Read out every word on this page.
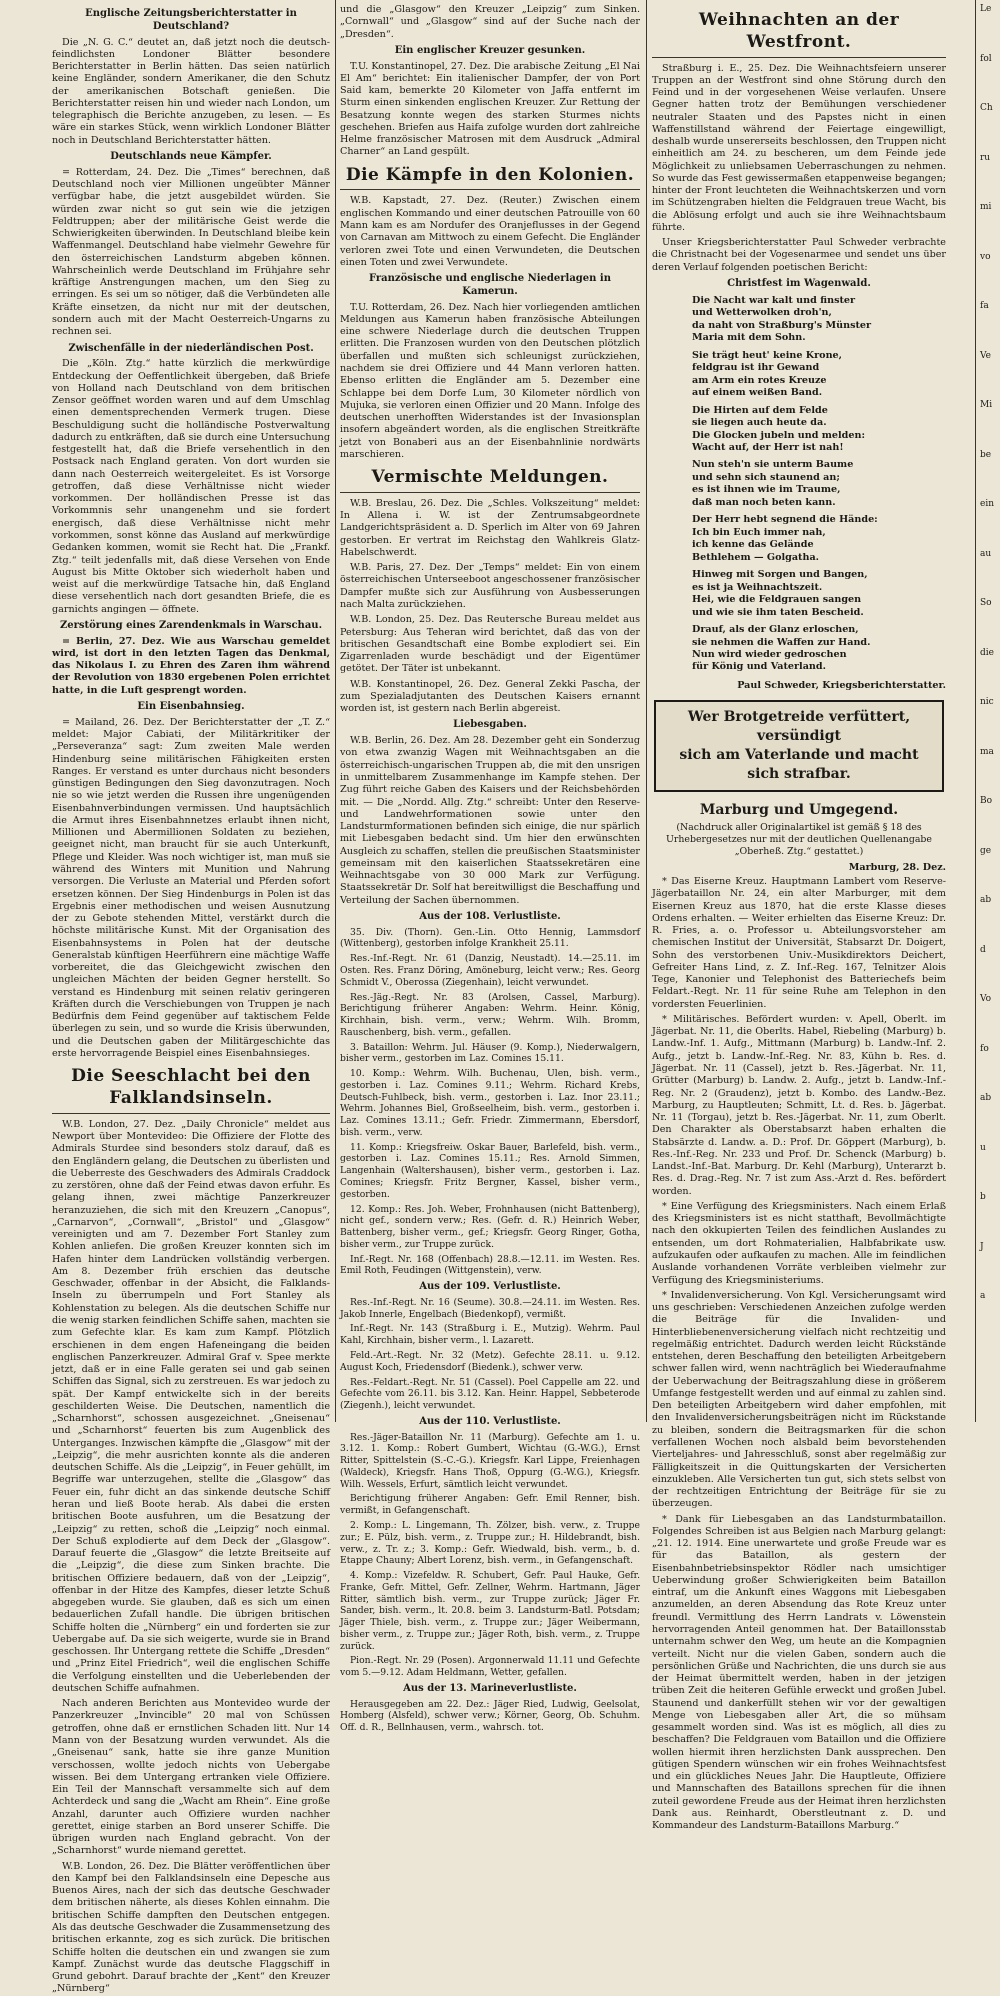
Englische Zeitungsberichterstatter in Deutschland?

Die „N. G. C.“ deutet an, daß jetzt noch die deutsch-feindlichsten Londoner Blätter besondere Berichterstatter in Berlin hätten. Das seien natürlich keine Engländer, sondern Amerikaner, die den Schutz der amerikanischen Botschaft genießen. Die Berichterstatter reisen hin und wieder nach London, um telegraphisch die Berichte anzugeben, zu lesen. — Es wäre ein starkes Stück, wenn wirklich Londoner Blätter noch in Deutschland Berichterstatter hätten.

Deutschlands neue Kämpfer.

= Rotterdam, 24. Dez. Die „Times“ berechnen, daß Deutschland noch vier Millionen ungeübter Männer verfügbar habe, die jetzt ausgebildet würden. Sie würden zwar nicht so gut sein wie die jetzigen Feldtruppen; aber der militärische Geist werde die Schwierigkeiten überwinden. In Deutschland bleibe kein Waffenmangel. Deutschland habe vielmehr Gewehre für den österreichischen Landsturm abgeben können. Wahrscheinlich werde Deutschland im Frühjahre sehr kräftige Anstrengungen machen, um den Sieg zu erringen. Es sei um so nötiger, daß die Verbündeten alle Kräfte einsetzen, da nicht nur mit der deutschen, sondern auch mit der Macht Oesterreich-Ungarns zu rechnen sei.

Zwischenfälle in der niederländischen Post.

Die „Köln. Ztg.“ hatte kürzlich die merkwürdige Entdeckung der Oeffentlichkeit übergeben, daß Briefe von Holland nach Deutschland von dem britischen Zensor geöffnet worden waren und auf dem Umschlag einen dementsprechenden Vermerk trugen. Diese Beschuldigung sucht die holländische Postverwaltung dadurch zu entkräften, daß sie durch eine Untersuchung festgestellt hat, daß die Briefe versehentlich in den Postsack nach England geraten. Von dort wurden sie dann nach Oesterreich weitergeleitet. Es ist Vorsorge getroffen, daß diese Verhältnisse nicht wieder vorkommen. Der holländischen Presse ist das Vorkommnis sehr unangenehm und sie fordert energisch, daß diese Verhältnisse nicht mehr vorkommen, sonst könne das Ausland auf merkwürdige Gedanken kommen, womit sie Recht hat. Die „Frankf. Ztg.“ teilt jedenfalls mit, daß diese Versehen von Ende August bis Mitte Oktober sich wiederholt haben und weist auf die merkwürdige Tatsache hin, daß England diese versehentlich nach dort gesandten Briefe, die es garnichts angingen — öffnete.

Zerstörung eines Zarendenkmals in Warschau.

= Berlin, 27. Dez. Wie aus Warschau gemeldet wird, ist dort in den letzten Tagen das Denkmal, das Nikolaus I. zu Ehren des Zaren ihm während der Revolution von 1830 ergebenen Polen errichtet hatte, in die Luft gesprengt worden.

Ein Eisenbahnsieg.

= Mailand, 26. Dez. Der Berichterstatter der „T. Z.“ meldet: Major Cabiati, der Militärkritiker der „Perseveranza“ sagt: Zum zweiten Male werden Hindenburg seine militärischen Fähigkeiten ersten Ranges. Er verstand es unter durchaus nicht besonders günstigen Bedingungen den Sieg davonzutragen. Noch nie so wie jetzt werden die Russen ihre ungenügenden Eisenbahnverbindungen vermissen. Und hauptsächlich die Armut ihres Eisenbahnnetzes erlaubt ihnen nicht, Millionen und Abermillionen Soldaten zu beziehen, geeignet nicht, man braucht für sie auch Unterkunft, Pflege und Kleider. Was noch wichtiger ist, man muß sie während des Winters mit Munition und Nahrung versorgen. Die Verluste an Material und Pferden sofort ersetzen können. Der Sieg Hindenburgs in Polen ist das Ergebnis einer methodischen und weisen Ausnutzung der zu Gebote stehenden Mittel, verstärkt durch die höchste militärische Kunst. Mit der Organisation des Eisenbahnsystems in Polen hat der deutsche Generalstab künftigen Heerführern eine mächtige Waffe vorbereitet, die das Gleichgewicht zwischen den ungleichen Mächten der beiden Gegner herstellt. So verstand es Hindenburg mit seinen relativ geringeren Kräften durch die Verschiebungen von Truppen je nach Bedürfnis dem Feind gegenüber auf taktischem Felde überlegen zu sein, und so wurde die Krisis überwunden, und die Deutschen gaben der Militärgeschichte das erste hervorragende Beispiel eines Eisenbahnsieges.

Die Seeschlacht bei den Falklandsinseln.

W.B. London, 27. Dez. „Daily Chronicle“ meldet aus Newport über Montevideo: Die Offiziere der Flotte des Admirals Sturdee sind besonders stolz darauf, daß es den Engländern gelang, die Deutschen zu überlisten und die Ueberreste des Geschwaders des Admirals Craddock zu zerstören, ohne daß der Feind etwas davon erfuhr. Es gelang ihnen, zwei mächtige Panzerkreuzer heranzuziehen, die sich mit den Kreuzern „Canopus“, „Carnarvon“, „Cornwall“, „Bristol“ und „Glasgow“ vereinigten und am 7. Dezember Fort Stanley zum Kohlen anliefen. Die großen Kreuzer konnten sich im Hafen hinter dem Landrücken vollständig verbergen. Am 8. Dezember früh erschien das deutsche Geschwader, offenbar in der Absicht, die Falklands-Inseln zu überrumpeln und Fort Stanley als Kohlenstation zu belegen. Als die deutschen Schiffe nur die wenig starken feindlichen Schiffe sahen, machten sie zum Gefechte klar. Es kam zum Kampf. Plötzlich erschienen in dem engen Hafeneingang die beiden englischen Panzerkreuzer. Admiral Graf v. Spee merkte jetzt, daß er in eine Falle geraten sei und gab seinen Schiffen das Signal, sich zu zerstreuen. Es war jedoch zu spät. Der Kampf entwickelte sich in der bereits geschilderten Weise. Die Deutschen, namentlich die „Scharnhorst“, schossen ausgezeichnet. „Gneisenau“ und „Scharnhorst“ feuerten bis zum Augenblick des Unterganges. Inzwischen kämpfte die „Glasgow“ mit der „Leipzig“, die mehr ausrichten konnte als die anderen deutschen Schiffe. Als die „Leipzig“, in Feuer gehüllt, im Begriffe war unterzugehen, stellte die „Glasgow“ das Feuer ein, fuhr dicht an das sinkende deutsche Schiff heran und ließ Boote herab. Als dabei die ersten britischen Boote ausfuhren, um die Besatzung der „Leipzig“ zu retten, schoß die „Leipzig“ noch einmal. Der Schuß explodierte auf dem Deck der „Glasgow“. Darauf feuerte die „Glasgow“ die letzte Breitseite auf die „Leipzig“, die diese zum Sinken brachte. Die britischen Offiziere bedauern, daß von der „Leipzig“, offenbar in der Hitze des Kampfes, dieser letzte Schuß abgegeben wurde. Sie glauben, daß es sich um einen bedauerlichen Zufall handle. Die übrigen britischen Schiffe holten die „Nürnberg“ ein und forderten sie zur Uebergabe auf. Da sie sich weigerte, wurde sie in Brand geschossen. Ihr Untergang rettete die Schiffe „Dresden“ und „Prinz Eitel Friedrich“, weil die englischen Schiffe die Verfolgung einstellten und die Ueberlebenden der deutschen Schiffe aufnahmen.

Nach anderen Berichten aus Montevideo wurde der Panzerkreuzer „Invincible“ 20 mal von Schüssen getroffen, ohne daß er ernstlichen Schaden litt. Nur 14 Mann von der Besatzung wurden verwundet. Als die „Gneisenau“ sank, hatte sie ihre ganze Munition verschossen, wollte jedoch nichts von Uebergabe wissen. Bei dem Untergang ertranken viele Offiziere. Ein Teil der Mannschaft versammelte sich auf dem Achterdeck und sang die „Wacht am Rhein“. Eine große Anzahl, darunter auch Offiziere wurden nachher gerettet, einige starben an Bord unserer Schiffe. Die übrigen wurden nach England gebracht. Von der „Scharnhorst“ wurde niemand gerettet.

W.B. London, 26. Dez. Die Blätter veröffentlichen über den Kampf bei den Falklandsinseln eine Depesche aus Buenos Aires, nach der sich das deutsche Geschwader dem britischen näherte, als dieses Kohlen einnahm. Die britischen Schiffe dampften den Deutschen entgegen. Als das deutsche Geschwader die Zusammensetzung des britischen erkannte, zog es sich zurück. Die britischen Schiffe holten die deutschen ein und zwangen sie zum Kampf. Zunächst wurde das deutsche Flaggschiff in Grund gebohrt. Darauf brachte der „Kent“ den Kreuzer „Nürnberg“

und die „Glasgow“ den Kreuzer „Leipzig“ zum Sinken. „Cornwall“ und „Glasgow“ sind auf der Suche nach der „Dresden“.

Ein englischer Kreuzer gesunken.

T.U. Konstantinopel, 27. Dez. Die arabische Zeitung „El Nai El Am“ berichtet: Ein italienischer Dampfer, der von Port Said kam, bemerkte 20 Kilometer von Jaffa entfernt im Sturm einen sinkenden englischen Kreuzer. Zur Rettung der Besatzung konnte wegen des starken Sturmes nichts geschehen. Briefen aus Haifa zufolge wurden dort zahlreiche Helme französischer Matrosen mit dem Ausdruck „Admiral Charner“ an Land gespült.

Die Kämpfe in den Kolonien.

W.B. Kapstadt, 27. Dez. (Reuter.) Zwischen einem englischen Kommando und einer deutschen Patrouille von 60 Mann kam es am Nordufer des Oranjeflusses in der Gegend von Carnavan am Mittwoch zu einem Gefecht. Die Engländer verloren zwei Tote und einen Verwundeten, die Deutschen einen Toten und zwei Verwundete.

Französische und englische Niederlagen in Kamerun.

T.U. Rotterdam, 26. Dez. Nach hier vorliegenden amtlichen Meldungen aus Kamerun haben französische Abteilungen eine schwere Niederlage durch die deutschen Truppen erlitten. Die Franzosen wurden von den Deutschen plötzlich überfallen und mußten sich schleunigst zurückziehen, nachdem sie drei Offiziere und 44 Mann verloren hatten. Ebenso erlitten die Engländer am 5. Dezember eine Schlappe bei dem Dorfe Lum, 30 Kilometer nördlich von Mujuka, sie verloren einen Offizier und 20 Mann. Infolge des deutschen unerhofften Widerstandes ist der Invasionsplan insofern abgeändert worden, als die englischen Streitkräfte jetzt von Bonaberi aus an der Eisenbahnlinie nordwärts marschieren.

Vermischte Meldungen.

W.B. Breslau, 26. Dez. Die „Schles. Volkszeitung“ meldet: In Allena i. W. ist der Zentrumsabgeordnete Landgerichtspräsident a. D. Sperlich im Alter von 69 Jahren gestorben. Er vertrat im Reichstag den Wahlkreis Glatz-Habelschwerdt.

W.B. Paris, 27. Dez. Der „Temps“ meldet: Ein von einem österreichischen Unterseeboot angeschossener französischer Dampfer mußte sich zur Ausführung von Ausbesserungen nach Malta zurückziehen.

W.B. London, 25. Dez. Das Reutersche Bureau meldet aus Petersburg: Aus Teheran wird berichtet, daß das von der britischen Gesandtschaft eine Bombe explodiert sei. Ein Zigarrenladen wurde beschädigt und der Eigentümer getötet. Der Täter ist unbekannt.

W.B. Konstantinopel, 26. Dez. General Zekki Pascha, der zum Spezialadjutanten des Deutschen Kaisers ernannt worden ist, ist gestern nach Berlin abgereist.

Liebesgaben.

W.B. Berlin, 26. Dez. Am 28. Dezember geht ein Sonderzug von etwa zwanzig Wagen mit Weihnachtsgaben an die österreichisch-ungarischen Truppen ab, die mit den unsrigen in unmittelbarem Zusammenhange im Kampfe stehen. Der Zug führt reiche Gaben des Kaisers und der Reichsbehörden mit. — Die „Nordd. Allg. Ztg.“ schreibt: Unter den Reserve- und Landwehrformationen sowie unter den Landsturmformationen befinden sich einige, die nur spärlich mit Liebesgaben bedacht sind. Um hier den erwünschten Ausgleich zu schaffen, stellen die preußischen Staatsminister gemeinsam mit den kaiserlichen Staatssekretären eine Weihnachtsgabe von 30 000 Mark zur Verfügung. Staatssekretär Dr. Solf hat bereitwilligst die Beschaffung und Verteilung der Sachen übernommen.

Aus der 108. Verlustliste.

35. Div. (Thorn). Gen.-Lin. Otto Hennig, Lammsdorf (Wittenberg), gestorben infolge Krankheit 25.11.

Res.-Inf.-Regt. Nr. 61 (Danzig, Neustadt). 14.—25.11. im Osten. Res. Franz Döring, Amöneburg, leicht verw.; Res. Georg Schmidt V., Oberossa (Ziegenhain), leicht verwundet.

Res.-Jäg.-Regt. Nr. 83 (Arolsen, Cassel, Marburg). Berichtigung früherer Angaben: Wehrm. Heinr. König, Kirchhain, bish. verm., verw.; Wehrm. Wilh. Bromm, Rauschenberg, bish. verm., gefallen.

3. Bataillon: Wehrm. Jul. Häuser (9. Komp.), Niederwalgern, bisher verm., gestorben im Laz. Comines 15.11.

10. Komp.: Wehrm. Wilh. Buchenau, Ulen, bish. verm., gestorben i. Laz. Comines 9.11.; Wehrm. Richard Krebs, Deutsch-Fuhlbeck, bish. verm., gestorben i. Laz. Inor 23.11.; Wehrm. Johannes Biel, Großseelheim, bish. verm., gestorben i. Laz. Comines 13.11.; Gefr. Friedr. Zimmermann, Ebersdorf, bish. verm., verw.

11. Komp.: Kriegsfreiw. Oskar Bauer, Barlefeld, bish. verm., gestorben i. Laz. Comines 15.11.; Res. Arnold Simmen, Langenhain (Waltershausen), bisher verm., gestorben i. Laz. Comines; Kriegsfr. Fritz Bergner, Kassel, bisher verm., gestorben.

12. Komp.: Res. Joh. Weber, Frohnhausen (nicht Battenberg), nicht gef., sondern verw.; Res. (Gefr. d. R.) Heinrich Weber, Battenberg, bisher verm., gef.; Kriegsfr. Georg Ringer, Gotha, bisher verm., zur Truppe zurück.

Inf.-Regt. Nr. 168 (Offenbach) 28.8.—12.11. im Westen. Res. Emil Roth, Feudingen (Wittgenstein), verw.

Aus der 109. Verlustliste.

Res.-Inf.-Regt. Nr. 16 (Seume). 30.8.—24.11. im Westen. Res. Jakob Innerle, Engelbach (Biedenkopf), vermißt.

Inf.-Regt. Nr. 143 (Straßburg i. E., Mutzig). Wehrm. Paul Kahl, Kirchhain, bisher verm., l. Lazarett.

Feld.-Art.-Regt. Nr. 32 (Metz). Gefechte 28.11. u. 9.12. August Koch, Friedensdorf (Biedenk.), schwer verw.

Res.-Feldart.-Regt. Nr. 51 (Cassel). Poel Cappelle am 22. und Gefechte vom 26.11. bis 3.12. Kan. Heinr. Happel, Sebbeterode (Ziegenh.), leicht verwundet.

Aus der 110. Verlustliste.

Res.-Jäger-Bataillon Nr. 11 (Marburg). Gefechte am 1. u. 3.12. 1. Komp.: Robert Gumbert, Wichtau (G.-W.G.), Ernst Ritter, Spittelstein (S.-C.-G.). Kriegsfr. Karl Lippe, Freienhagen (Waldeck), Kriegsfr. Hans Thoß, Oppurg (G.-W.G.), Kriegsfr. Wilh. Wessels, Erfurt, sämtlich leicht verwundet.

Berichtigung früherer Angaben: Gefr. Emil Renner, bish. vermißt, in Gefangenschaft.

2. Komp.: L. Lingemann, Th. Zölzer, bish. verw., z. Truppe zur.; E. Pülz, bish. verm., z. Truppe zur.; H. Hildebrandt, bish. verw., z. Tr. z.; 3. Komp.: Gefr. Wiedwald, bish. verm., b. d. Etappe Chauny; Albert Lorenz, bish. verm., in Gefangenschaft.

4. Komp.: Vizefeldw. R. Schubert, Gefr. Paul Hauke, Gefr. Franke, Gefr. Mittel, Gefr. Zellner, Wehrm. Hartmann, Jäger Ritter, sämtlich bish. verm., zur Truppe zurück; Jäger Fr. Sander, bish. verm., lt. 20.8. beim 3. Landsturm-Batl. Potsdam; Jäger Thiele, bish. verm., z. Truppe zur.; Jäger Weibermann, bisher verm., z. Truppe zur.; Jäger Roth, bish. verm., z. Truppe zurück.

Pion.-Regt. Nr. 29 (Posen). Argonnerwald 11.11 und Gefechte vom 5.—9.12. Adam Heldmann, Wetter, gefallen.

Aus der 13. Marineverlustliste.

Herausgegeben am 22. Dez.: Jäger Ried, Ludwig, Geelsolat, Homberg (Alsfeld), schwer verw.; Körner, Georg, Ob. Schuhm. Off. d. R., Bellnhausen, verm., wahrsch. tot.

Weihnachten an der Westfront.

Straßburg i. E., 25. Dez. Die Weihnachtsfeiern unserer Truppen an der Westfront sind ohne Störung durch den Feind und in der vorgesehenen Weise verlaufen. Unsere Gegner hatten trotz der Bemühungen verschiedener neutraler Staaten und des Papstes nicht in einen Waffenstillstand während der Feiertage eingewilligt, deshalb wurde unsererseits beschlossen, den Truppen nicht einheitlich am 24. zu bescheren, um dem Feinde jede Möglichkeit zu unliebsamen Ueberraschungen zu nehmen. So wurde das Fest gewissermaßen etappenweise begangen; hinter der Front leuchteten die Weihnachtskerzen und vorn im Schützengraben hielten die Feldgrauen treue Wacht, bis die Ablösung erfolgt und auch sie ihre Weihnachtsbaum führte.

Unser Kriegsberichterstatter Paul Schweder verbrachte die Christnacht bei der Vogesenarmee und sendet uns über deren Verlauf folgenden poetischen Bericht:

Christfest im Wagenwald.
Die Nacht war kalt und finster
und Wetterwolken droh'n,
da naht von Straßburg's Münster
Maria mit dem Sohn.
Sie trägt heut' keine Krone,
feldgrau ist ihr Gewand
am Arm ein rotes Kreuze
auf einem weißen Band.
Die Hirten auf dem Felde
sie liegen auch heute da.
Die Glocken jubeln und melden:
Wacht auf, der Herr ist nah!
Nun steh'n sie unterm Baume
und sehn sich staunend an;
es ist ihnen wie im Traume,
daß man noch beten kann.
Der Herr hebt segnend die Hände:
Ich bin Euch immer nah,
ich kenne das Gelände
Bethlehem — Golgatha.
Hinweg mit Sorgen und Bangen,
es ist ja Weihnachtszeit.
Hei, wie die Feldgrauen sangen
und wie sie ihm taten Bescheid.
Drauf, als der Glanz erloschen,
sie nehmen die Waffen zur Hand.
Nun wird wieder gedroschen
für König und Vaterland.
Paul Schweder, Kriegsberichterstatter.
Wer Brotgetreide verfüttert, versündigt
sich am Vaterlande und macht sich strafbar.
Marburg und Umgegend.
(Nachdruck aller Originalartikel ist gemäß § 18 des Urhebergesetzes nur mit der deutlichen Quellenangabe „Oberheß. Ztg.“ gestattet.)
Marburg, 28. Dez.

* Das Eiserne Kreuz. Hauptmann Lambert vom Reserve-Jägerbataillon Nr. 24, ein alter Marburger, mit dem Eisernen Kreuz aus 1870, hat die erste Klasse dieses Ordens erhalten. — Weiter erhielten das Eiserne Kreuz: Dr. R. Fries, a. o. Professor u. Abteilungsvorsteher am chemischen Institut der Universität, Stabsarzt Dr. Doigert, Sohn des verstorbenen Univ.-Musikdirektors Deichert, Gefreiter Hans Lind, z. Z. Inf.-Reg. 167, Telnitzer Alois Tege, Kanonier und Telephonist des Batteriechefs beim Feldart.-Regt. Nr. 11 für seine Ruhe am Telephon in den vordersten Feuerlinien.

* Militärisches. Befördert wurden: v. Apell, Oberlt. im Jägerbat. Nr. 11, die Oberlts. Habel, Riebeling (Marburg) b. Landw.-Inf. 1. Aufg., Mittmann (Marburg) b. Landw.-Inf. 2. Aufg., jetzt b. Landw.-Inf.-Reg. Nr. 83, Kühn b. Res. d. Jägerbat. Nr. 11 (Cassel), jetzt b. Res.-Jägerbat. Nr. 11, Grütter (Marburg) b. Landw. 2. Aufg., jetzt b. Landw.-Inf.-Reg. Nr. 2 (Graudenz), jetzt b. Kombo. des Landw.-Bez. Marburg, zu Hauptleuten; Schmitt, Lt. d. Res. b. Jägerbat. Nr. 11 (Torgau), jetzt b. Res.-Jägerbat. Nr. 11, zum Oberlt. Den Charakter als Oberstabsarzt haben erhalten die Stabsärzte d. Landw. a. D.: Prof. Dr. Göppert (Marburg), b. Res.-Inf.-Reg. Nr. 233 und Prof. Dr. Schenck (Marburg) b. Landst.-Inf.-Bat. Marburg. Dr. Kehl (Marburg), Unterarzt b. Res. d. Drag.-Reg. Nr. 7 ist zum Ass.-Arzt d. Res. befördert worden.

* Eine Verfügung des Kriegsministers. Nach einem Erlaß des Kriegsministers ist es nicht statthaft, Bevollmächtigte nach den okkupierten Teilen des feindlichen Auslandes zu entsenden, um dort Rohmaterialien, Halbfabrikate usw. aufzukaufen oder aufkaufen zu machen. Alle im feindlichen Auslande vorhandenen Vorräte verbleiben vielmehr zur Verfügung des Kriegsministeriums.

* Invalidenversicherung. Von Kgl. Versicherungsamt wird uns geschrieben: Verschiedenen Anzeichen zufolge werden die Beiträge für die Invaliden- und Hinterbliebenenversicherung vielfach nicht rechtzeitig und regelmäßig entrichtet. Dadurch werden leicht Rückstände entstehen, deren Beschaffung den beteiligten Arbeitgebern schwer fallen wird, wenn nachträglich bei Wiederaufnahme der Ueberwachung der Beitragszahlung diese in größerem Umfange festgestellt werden und auf einmal zu zahlen sind. Den beteiligten Arbeitgebern wird daher empfohlen, mit den Invalidenversicherungsbeiträgen nicht im Rückstande zu bleiben, sondern die Beitragsmarken für die schon verfallenen Wochen noch alsbald beim bevorstehenden Vierteljahres- und Jahresschluß, sonst aber regelmäßig zur Fälligkeitszeit in die Quittungskarten der Versicherten einzukleben. Alle Versicherten tun gut, sich stets selbst von der rechtzeitigen Entrichtung der Beiträge für sie zu überzeugen.

* Dank für Liebesgaben an das Landsturmbataillon. Folgendes Schreiben ist aus Belgien nach Marburg gelangt: „21. 12. 1914. Eine unerwartete und große Freude war es für das Bataillon, als gestern der Eisenbahnbetriebsinspektor Rödler nach umsichtiger Ueberwindung großer Schwierigkeiten beim Bataillon eintraf, um die Ankunft eines Waggons mit Liebesgaben anzumelden, an deren Absendung das Rote Kreuz unter freundl. Vermittlung des Herrn Landrats v. Löwenstein hervorragenden Anteil genommen hat. Der Bataillonsstab unternahm schwer den Weg, um heute an die Kompagnien verteilt. Nicht nur die vielen Gaben, sondern auch die persönlichen Grüße und Nachrichten, die uns durch sie aus der Heimat übermittelt werden, haben in der jetzigen trüben Zeit die heiteren Gefühle erweckt und großen Jubel. Staunend und dankerfüllt stehen wir vor der gewaltigen Menge von Liebesgaben aller Art, die so mühsam gesammelt worden sind. Was ist es möglich, all dies zu beschaffen? Die Feldgrauen vom Bataillon und die Offiziere wollen hiermit ihren herzlichsten Dank aussprechen. Den gütigen Spendern wünschen wir ein frohes Weihnachtsfest und ein glückliches Neues Jahr. Die Hauptleute, Offiziere und Mannschaften des Bataillons sprechen für die ihnen zuteil gewordene Freude aus der Heimat ihren herzlichsten Dank aus. Reinhardt, Oberstleutnant z. D. und Kommandeur des Landsturm-Bataillons Marburg.“

Le
fol
Ch
ru
mi
vo
fa
Ve
Mi
be
ein
au
So
die
nic
ma
Bo
ge
ab
d
Vo
fo
ab
u
b
J
a
